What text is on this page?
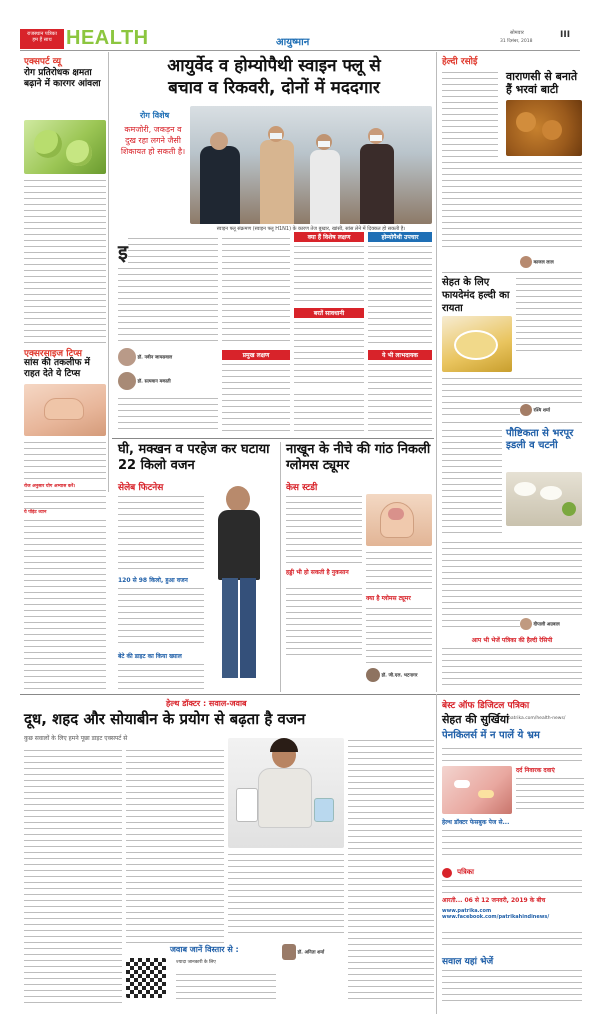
राजस्थान पत्रिका
हम हैं साथ HEALTH	सोमवार
31 दिसंबर, 2018
III
आयुष्मान
एक्सपर्ट व्यू
रोग प्रतिरोधक क्षमता बढ़ाने में कारगर आंवला
एक्सरसाइज टिप्स
सांस की तकलीफ में राहत देते ये टिप्स
रोज अनुसार योग अभ्यास करें।
ये पॉइंट ध्यान
आयुर्वेद व होम्योपैथी स्वाइन फ्लू से
बचाव व रिकवरी, दोनों में मददगार
रोग विशेष
कमजोरी, जकड़न व दुख रहा लगने जैसी शिकायत हो सकती है।
स्वाइन फ्लू संक्रमण (स्वाइन फ्लू H1N1) के कारण तेज बुखार, खांसी, सांस लेने में दिक्कत हो सकती है।
इ
डॉ. नवीन जायसवाल
डॉ. सत्यवान मकाती
क्या हैं विशेष लक्षण	होम्योपैथी उपचार
बरतें सावधानी
प्रमुख लक्षण	ये भी लाभदायक
घी, मक्खन व परहेज कर घटाया 22 किलो वजन
सेलेब फिटनेस
120 से 98 किलो, हुआ वजन
बेटे की डाइट का किया ख्याल
नाखून के नीचे की गांठ निकली ग्लोमस ट्यूमर
केस स्टडी
हड्डी भी हो सकती है नुकसान
क्या है ग्लोमस ट्यूमर
डॉ. जी.एल. भटनागर
हेल्दी रसोई
वाराणसी से बनाते हैं भरवां बाटी
काजल लाल
सेहत के लिए फायदेमंद हल्दी का रायता
रश्मि शर्मा
पौष्टिकता से भरपूर इडली व चटनी
दीपाली अग्रवाल
आप भी भेजें पत्रिका की हैल्दी रेसिपी
हेल्थ डॉक्टर : सवाल-जवाब
दूध, शहद और सोयाबीन के प्रयोग से बढ़ता है वजन
कुछ सवालों के लिए हमने पूछा डाइट एक्सपर्ट से
जवाब जानें विस्तार से :	डॉ. अनिता शर्मा
ज्यादा जानकारी के लिए
बेस्ट ऑफ डिजिटल पत्रिका
सेहत की सुर्खियां
patrika.com/health-news/
पेनकिलर्स में न पालें ये भ्रम
दर्द निवारक दवाएं
हेल्थ डॉक्टर फेसबुक पेज से...
पत्रिका
आरती... 06 से 12 जनवरी, 2019 के बीच
www.patrika.com www.facebook.com/patrikahindinews/
सवाल यहां भेजें
